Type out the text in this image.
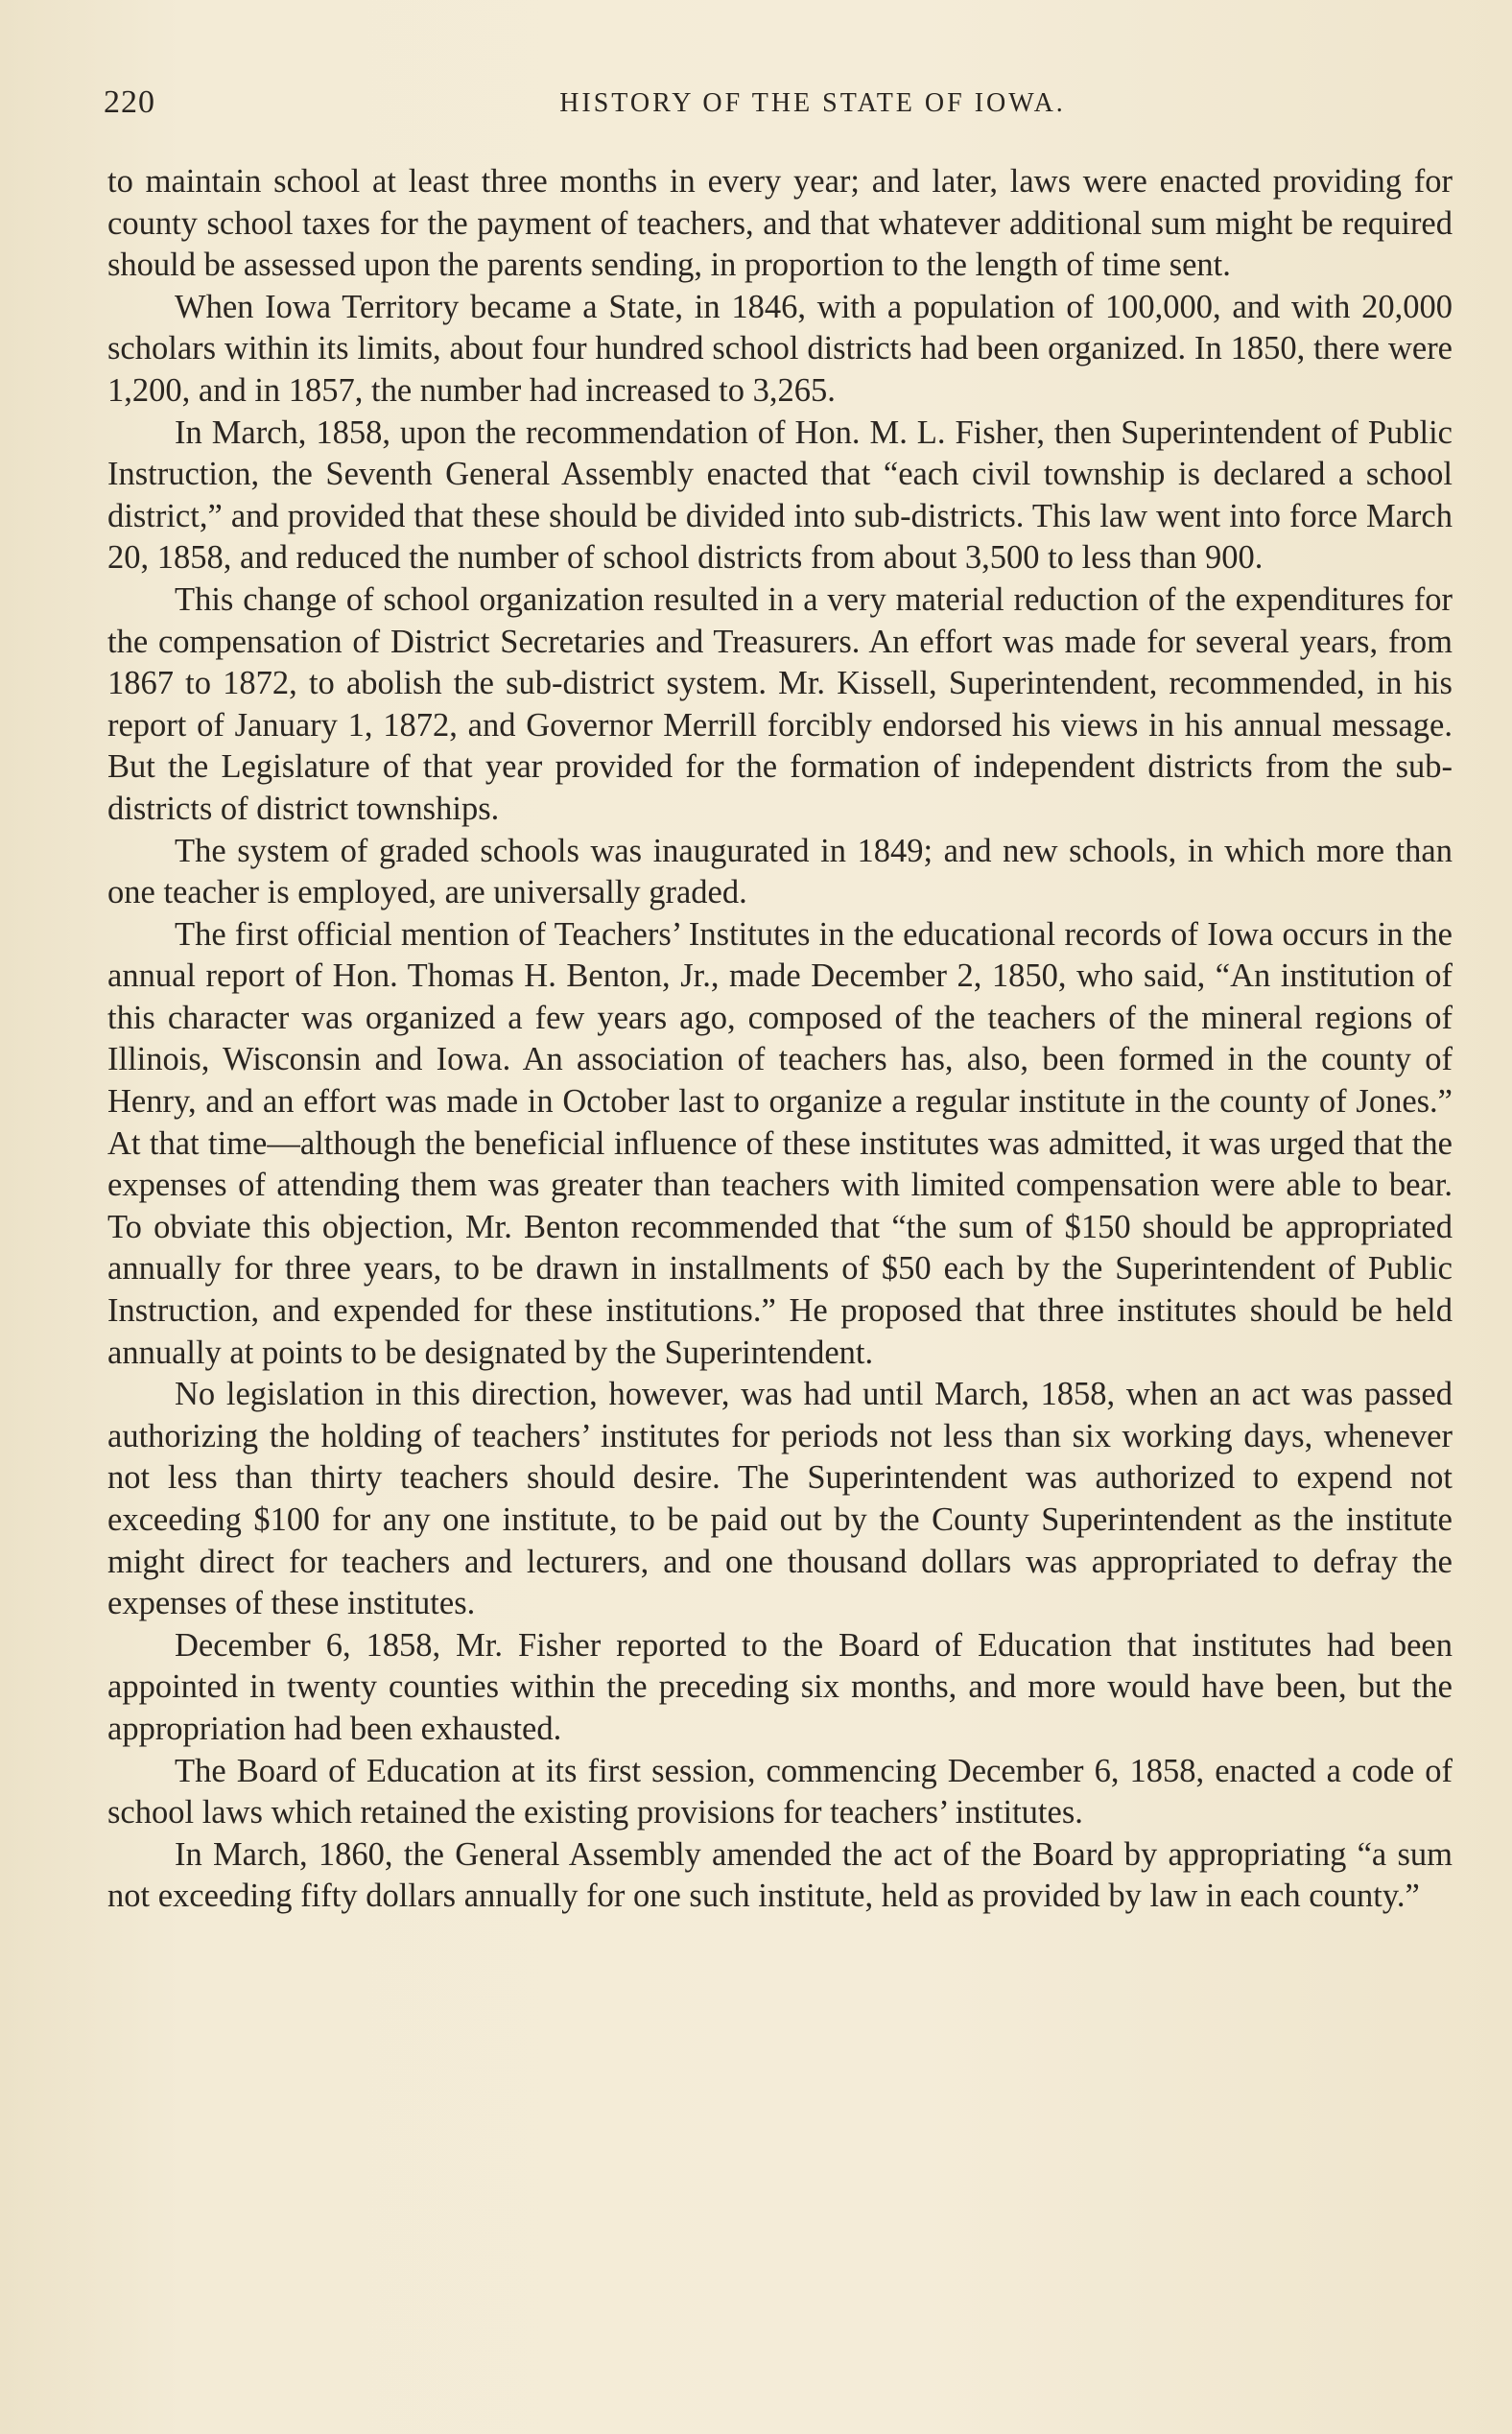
220	HISTORY OF THE STATE OF IOWA.

to maintain school at least three months in every year; and later, laws were enacted providing for county school taxes for the payment of teachers, and that whatever additional sum might be required should be assessed upon the parents sending, in proportion to the length of time sent.

When Iowa Territory became a State, in 1846, with a population of 100,000, and with 20,000 scholars within its limits, about four hundred school districts had been organized. In 1850, there were 1,200, and in 1857, the number had increased to 3,265.

In March, 1858, upon the recommendation of Hon. M. L. Fisher, then Superintendent of Public Instruction, the Seventh General Assembly enacted that “each civil township is declared a school district,” and provided that these should be divided into sub-districts. This law went into force March 20, 1858, and reduced the number of school districts from about 3,500 to less than 900.

This change of school organization resulted in a very material reduction of the expenditures for the compensation of District Secretaries and Treasurers. An effort was made for several years, from 1867 to 1872, to abolish the sub-district system. Mr. Kissell, Superintendent, recommended, in his report of January 1, 1872, and Governor Merrill forcibly endorsed his views in his annual message. But the Legislature of that year provided for the formation of independent districts from the sub-districts of district townships.

The system of graded schools was inaugurated in 1849; and new schools, in which more than one teacher is employed, are universally graded.

The first official mention of Teachers’ Institutes in the educational records of Iowa occurs in the annual report of Hon. Thomas H. Benton, Jr., made December 2, 1850, who said, “An institution of this character was organized a few years ago, composed of the teachers of the mineral regions of Illinois, Wisconsin and Iowa. An association of teachers has, also, been formed in the county of Henry, and an effort was made in October last to organize a regular institute in the county of Jones.” At that time—although the beneficial influence of these institutes was admitted, it was urged that the expenses of attending them was greater than teachers with limited compensation were able to bear. To obviate this objection, Mr. Benton recommended that “the sum of $150 should be appropriated annually for three years, to be drawn in installments of $50 each by the Superintendent of Public Instruction, and expended for these institutions.” He proposed that three institutes should be held annually at points to be designated by the Superintendent.

No legislation in this direction, however, was had until March, 1858, when an act was passed authorizing the holding of teachers’ institutes for periods not less than six working days, whenever not less than thirty teachers should desire. The Superintendent was authorized to expend not exceeding $100 for any one institute, to be paid out by the County Superintendent as the institute might direct for teachers and lecturers, and one thousand dollars was appropriated to defray the expenses of these institutes.

December 6, 1858, Mr. Fisher reported to the Board of Education that institutes had been appointed in twenty counties within the preceding six months, and more would have been, but the appropriation had been exhausted.

The Board of Education at its first session, commencing December 6, 1858, enacted a code of school laws which retained the existing provisions for teachers’ institutes.

In March, 1860, the General Assembly amended the act of the Board by appropriating “a sum not exceeding fifty dollars annually for one such institute, held as provided by law in each county.”
